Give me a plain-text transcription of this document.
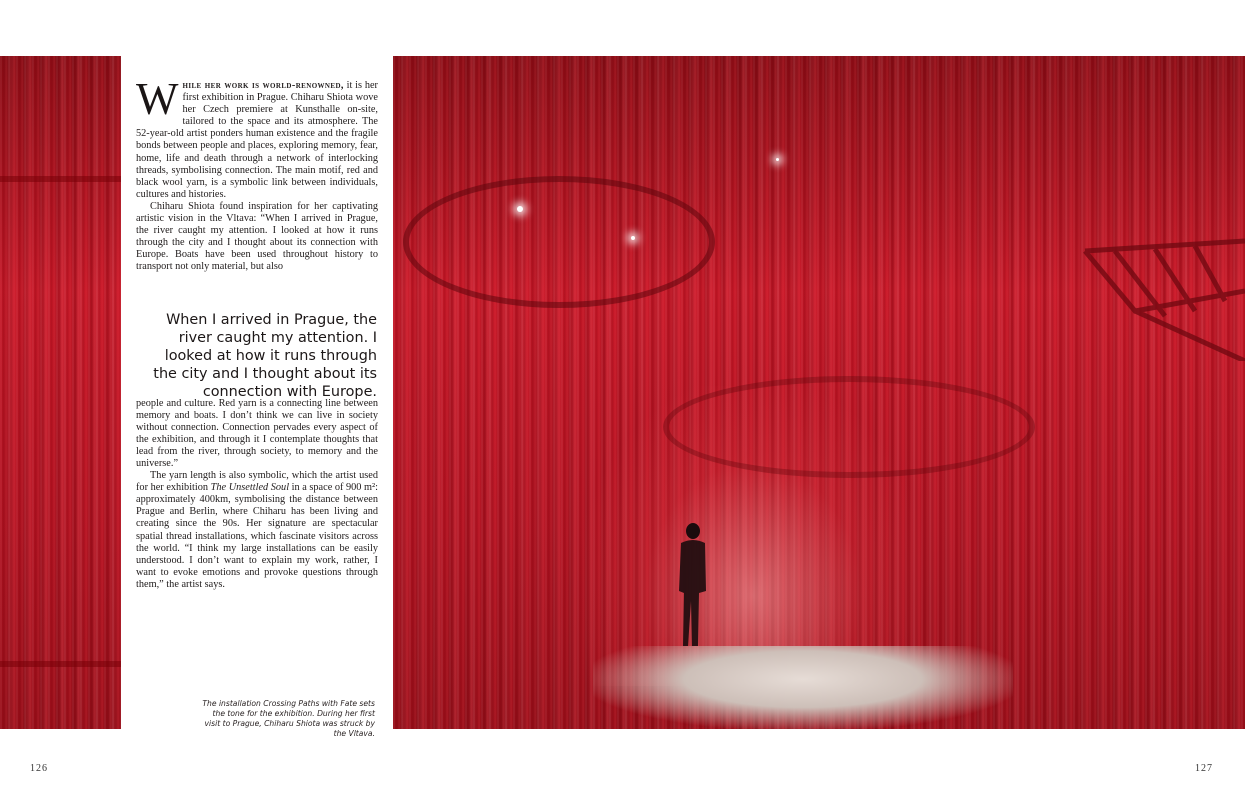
While her work is world-renowned, it is her first exhibition in Prague. Chiharu Shiota wove her Czech premiere at Kunsthalle on-site, tailored to the space and its atmosphere. The 52-year-old artist ponders human existence and the fragile bonds between people and places, exploring memory, fear, home, life and death through a network of interlocking threads, symbolising connection. The main motif, red and black wool yarn, is a symbolic link between individuals, cultures and histories.

Chiharu Shiota found inspiration for her captivating artistic vision in the Vltava: “When I arrived in Prague, the river caught my attention. I looked at how it runs through the city and I thought about its connection with Europe. Boats have been used throughout history to transport not only material, but also

When I arrived in Prague, the river caught my attention. I looked at how it runs through the city and I thought about its connection with Europe.

people and culture. Red yarn is a connecting line between memory and boats. I don’t think we can live in society without connection. Connection pervades every aspect of the exhibition, and through it I contemplate thoughts that lead from the river, through society, to memory and the universe.”

The yarn length is also symbolic, which the artist used for her exhibition The Unsettled Soul in a space of 900 m²: approximately 400km, symbolising the distance between Prague and Berlin, where Chiharu has been living and creating since the 90s. Her signature are spectacular spatial thread installations, which fascinate visitors across the world. “I think my large installations can be easily understood. I don’t want to explain my work, rather, I want to evoke emotions and provoke questions through them,” the artist says.

The installation Crossing Paths with Fate sets the tone for the exhibition. During her first visit to Prague, Chiharu Shiota was struck by the Vltava.
126	127
